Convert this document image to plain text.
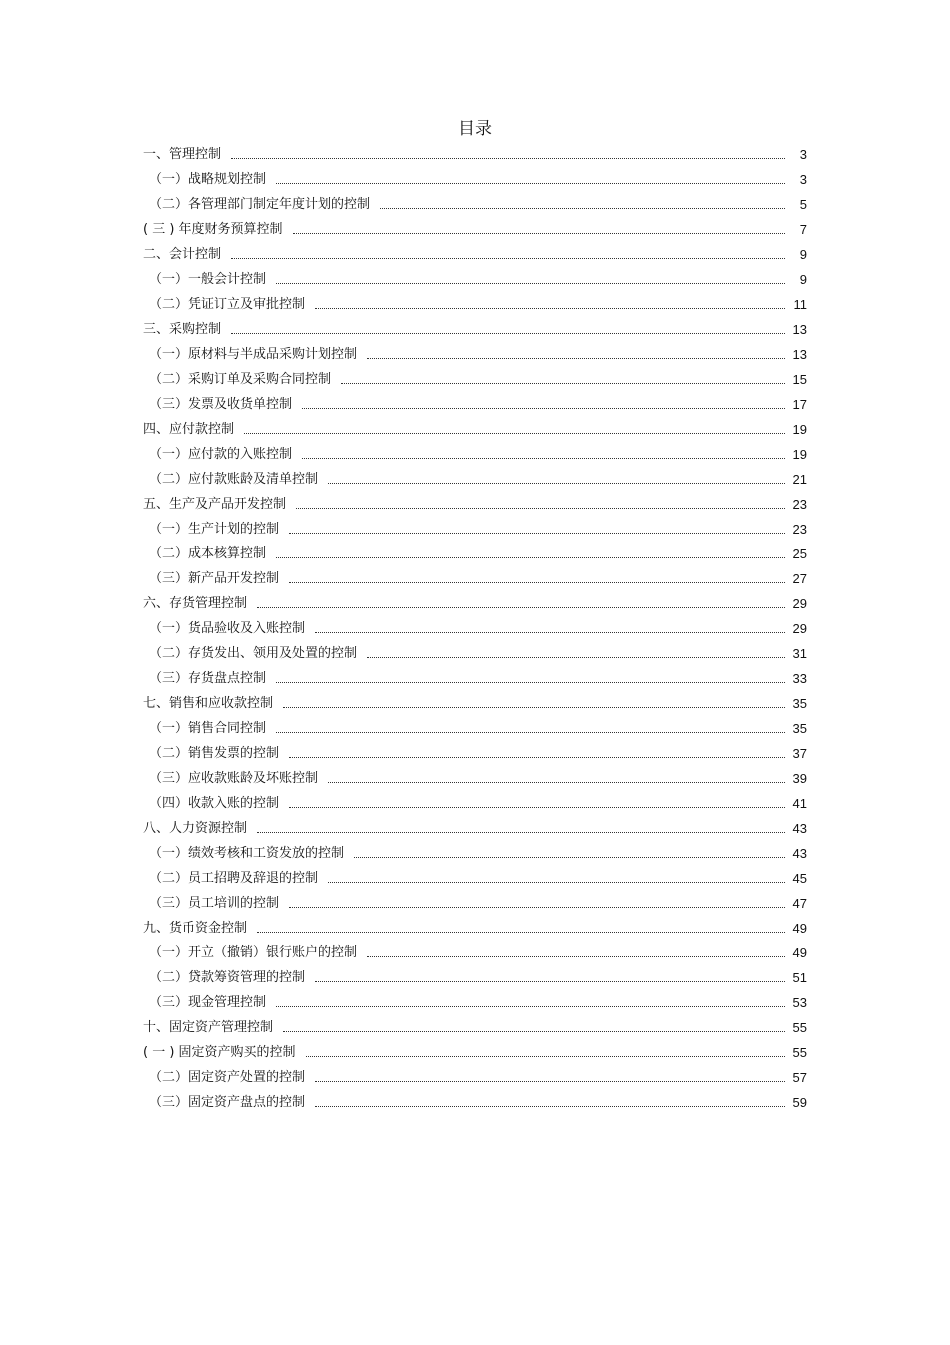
目录
一、管理控制	3
（一）战略规划控制	3
（二）各管理部门制定年度计划的控制	5
( 三 ) 年度财务预算控制	7
二、会计控制	9
（一）一般会计控制	9
（二）凭证订立及审批控制	11
三、采购控制	13
（一）原材料与半成品采购计划控制	13
（二）采购订单及采购合同控制	15
（三）发票及收货单控制	17
四、应付款控制	19
（一）应付款的入账控制	19
（二）应付款账龄及清单控制	21
五、生产及产品开发控制	23
（一）生产计划的控制	23
（二）成本核算控制	25
（三）新产品开发控制	27
六、存货管理控制	29
（一）货品验收及入账控制	29
（二）存货发出、领用及处置的控制	31
（三）存货盘点控制	33
七、销售和应收款控制	35
（一）销售合同控制	35
（二）销售发票的控制	37
（三）应收款账龄及坏账控制	39
（四）收款入账的控制	41
八、人力资源控制	43
（一）绩效考核和工资发放的控制	43
（二）员工招聘及辞退的控制	45
（三）员工培训的控制	47
九、货币资金控制	49
（一）开立（撤销）银行账户的控制	49
（二）贷款筹资管理的控制	51
（三）现金管理控制	53
十、固定资产管理控制	55
( 一 ) 固定资产购买的控制	55
（二）固定资产处置的控制	57
（三）固定资产盘点的控制	59
